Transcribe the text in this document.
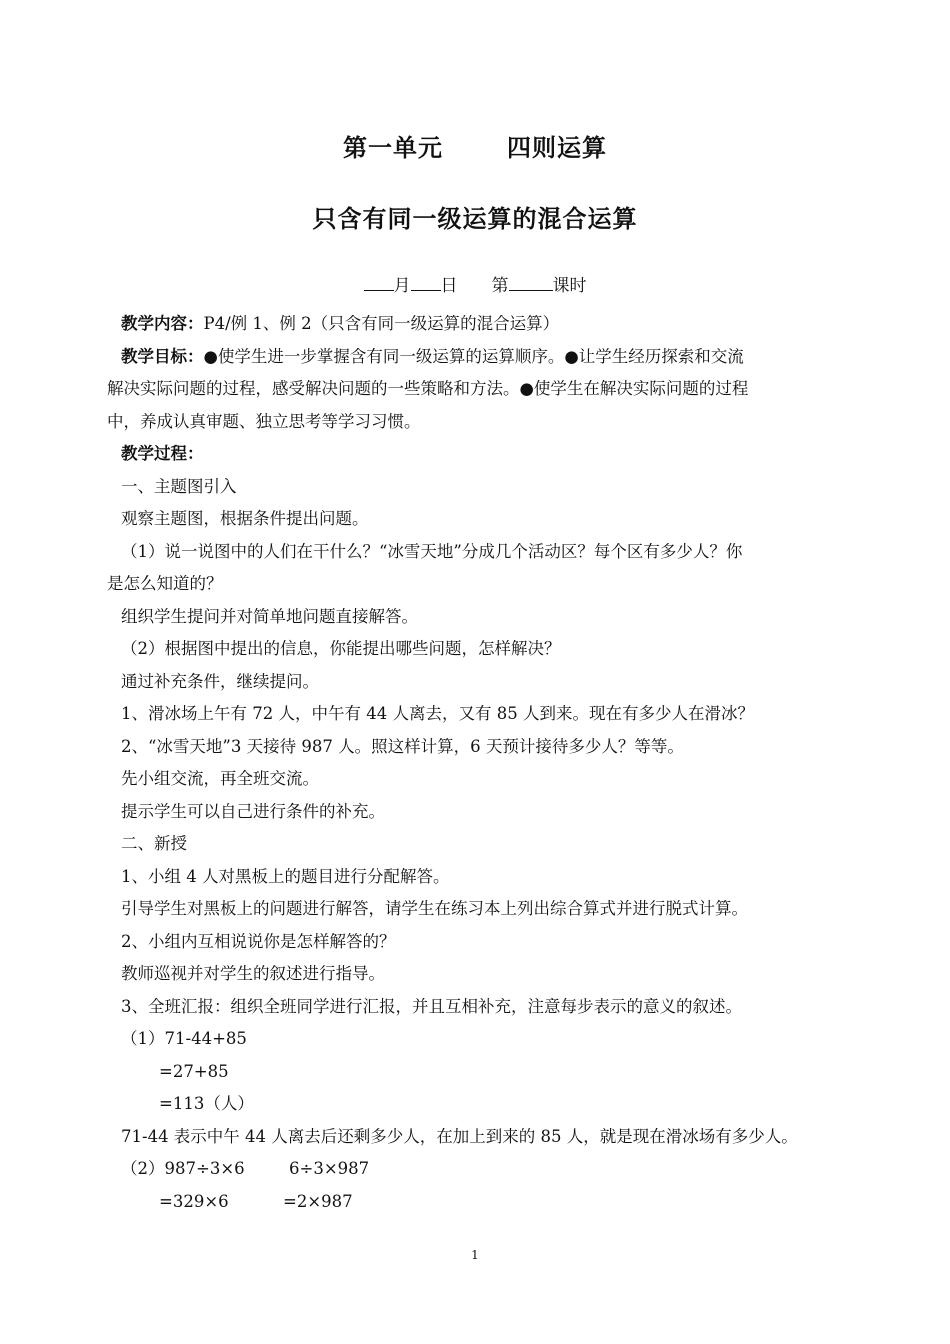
第一单元	四则运算
只含有同一级运算的混合运算
月 日 第	课时

教学内容：P4/例 1、例 2（只含有同一级运算的混合运算）

教学目标：●使学生进一步掌握含有同一级运算的运算顺序。●让学生经历探索和交流

解决实际问题的过程，感受解决问题的一些策略和方法。●使学生在解决实际问题的过程

中，养成认真审题、独立思考等学习习惯。

教学过程：

一、主题图引入

观察主题图，根据条件提出问题。

（1）说一说图中的人们在干什么？“冰雪天地”分成几个活动区？每个区有多少人？你

是怎么知道的？

组织学生提问并对简单地问题直接解答。

（2）根据图中提出的信息，你能提出哪些问题，怎样解决？

通过补充条件，继续提问。

1、滑冰场上午有 72 人，中午有 44 人离去，又有 85 人到来。现在有多少人在滑冰？

2、“冰雪天地”3 天接待 987 人。照这样计算，6 天预计接待多少人？等等。

先小组交流，再全班交流。

提示学生可以自己进行条件的补充。

二、新授

1、小组 4 人对黑板上的题目进行分配解答。

引导学生对黑板上的问题进行解答，请学生在练习本上列出综合算式并进行脱式计算。

2、小组内互相说说你是怎样解答的？

教师巡视并对学生的叙述进行指导。

3、全班汇报：组织全班同学进行汇报，并且互相补充，注意每步表示的意义的叙述。

（1）71-44+85

=27+85

=113（人）

71-44 表示中午 44 人离去后还剩多少人，在加上到来的 85 人，就是现在滑冰场有多少人。

（2）987÷3×6	6÷3×987

=329×6	=2×987

1
